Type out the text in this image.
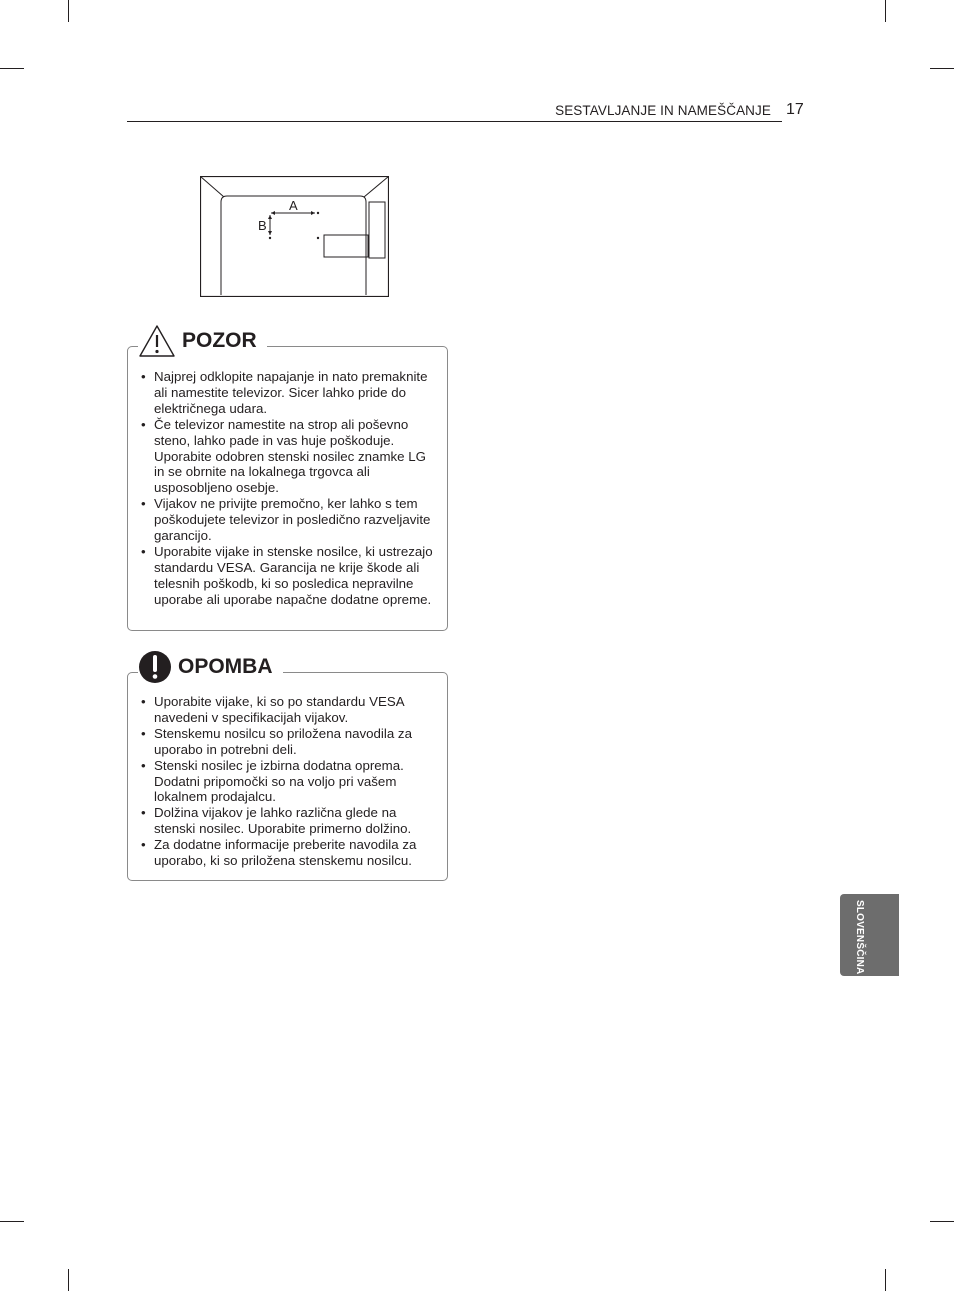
SESTAVLJANJE IN NAMEŠČANJE 17
A
B
• Najprej odklopite napajanje in nato premaknite ali namestite televizor. Sicer lahko pride do električnega udara.
• Če televizor namestite na strop ali poševno steno, lahko pade in vas huje poškoduje. Uporabite odobren stenski nosilec znamke LG in se obrnite na lokalnega trgovca ali usposobljeno osebje.
• Vijakov ne privijte premočno, ker lahko s tem poškodujete televizor in posledično razveljavite garancijo.
• Uporabite vijake in stenske nosilce, ki ustrezajo standardu VESA. Garancija ne krije škode ali telesnih poškodb, ki so posledica nepravilne uporabe ali uporabe napačne dodatne opreme.
POZOR
• Uporabite vijake, ki so po standardu VESA navedeni v specifikacijah vijakov.
• Stenskemu nosilcu so priložena navodila za uporabo in potrebni deli.
• Stenski nosilec je izbirna dodatna oprema. Dodatni pripomočki so na voljo pri vašem lokalnem prodajalcu.
• Dolžina vijakov je lahko različna glede na stenski nosilec. Uporabite primerno dolžino.
• Za dodatne informacije preberite navodila za uporabo, ki so priložena stenskemu nosilcu.
OPOMBA
SLOVENŠČINA
